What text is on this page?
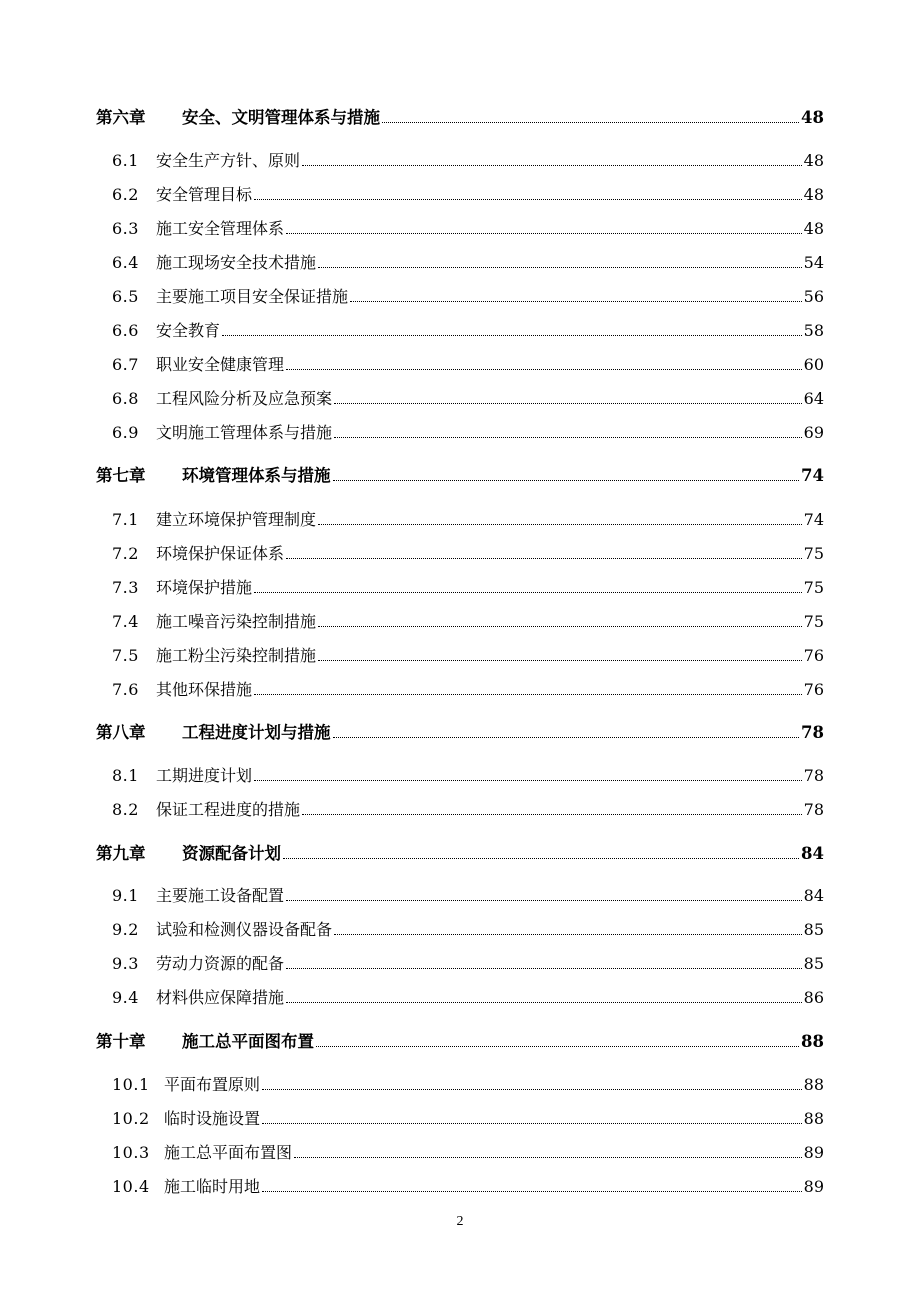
第六章	安全、文明管理体系与措施	48
6.1	安全生产方针、原则	48
6.2	安全管理目标	48
6.3	施工安全管理体系	48
6.4	施工现场安全技术措施	54
6.5	主要施工项目安全保证措施	56
6.6	安全教育	58
6.7	职业安全健康管理	60
6.8	工程风险分析及应急预案	64
6.9	文明施工管理体系与措施	69
第七章	环境管理体系与措施	74
7.1	建立环境保护管理制度	74
7.2	环境保护保证体系	75
7.3	环境保护措施	75
7.4	施工噪音污染控制措施	75
7.5	施工粉尘污染控制措施	76
7.6	其他环保措施	76
第八章	工程进度计划与措施	78
8.1	工期进度计划	78
8.2	保证工程进度的措施	78
第九章	资源配备计划	84
9.1	主要施工设备配置	84
9.2	试验和检测仪器设备配备	85
9.3	劳动力资源的配备	85
9.4	材料供应保障措施	86
第十章	施工总平面图布置	88
10.1 平面布置原则	88
10.2 临时设施设置	88
10.3 施工总平面布置图	89
10.4 施工临时用地	89
2
